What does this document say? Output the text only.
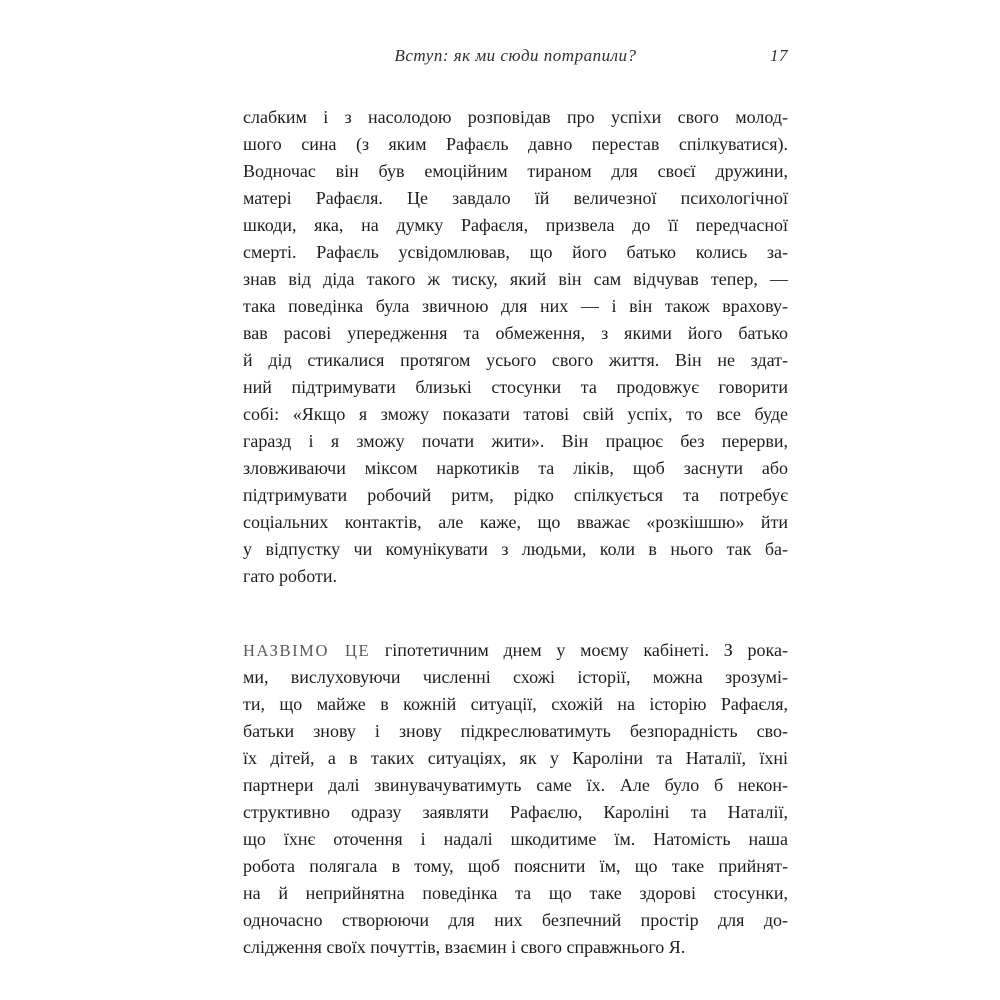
Вступ: як ми сюди потрапили?	17
слабким і з насолодою розповідав про успіхи свого молод-
шого сина (з яким Рафаєль давно перестав спілкуватися).
Водночас він був емоційним тираном для своєї дружини,
матері Рафаєля. Це завдало їй величезної психологічної
шкоди, яка, на думку Рафаєля, призвела до її передчасної
смерті. Рафаєль усвідомлював, що його батько колись за-
знав від діда такого ж тиску, який він сам відчував тепер, —
така поведінка була звичною для них — і він також врахову-
вав расові упередження та обмеження, з якими його батько
й дід стикалися протягом усього свого життя. Він не здат-
ний підтримувати близькі стосунки та продовжує говорити
собі: «Якщо я зможу показати татові свій успіх, то все буде
гаразд і я зможу почати жити». Він працює без перерви,
зловживаючи міксом наркотиків та ліків, щоб заснути або
підтримувати робочий ритм, рідко спілкується та потребує
соціальних контактів, але каже, що вважає «розкішшю» йти
у відпустку чи комунікувати з людьми, коли в нього так ба-
гато роботи.
НАЗВІМО ЦЕ гіпотетичним днем у моєму кабінеті. З рока-
ми, вислуховуючи численні схожі історії, можна зрозумі-
ти, що майже в кожній ситуації, схожій на історію Рафаєля,
батьки знову і знову підкреслюватимуть безпорадність сво-
їх дітей, а в таких ситуаціях, як у Кароліни та Наталії, їхні
партнери далі звинувачуватимуть саме їх. Але було б некон-
структивно одразу заявляти Рафаєлю, Кароліні та Наталії,
що їхнє оточення і надалі шкодитиме їм. Натомість наша
робота полягала в тому, щоб пояснити їм, що таке прийнят-
на й неприйнятна поведінка та що таке здорові стосунки,
одночасно створюючи для них безпечний простір для до-
слідження своїх почуттів, взаємин і свого справжнього Я.
